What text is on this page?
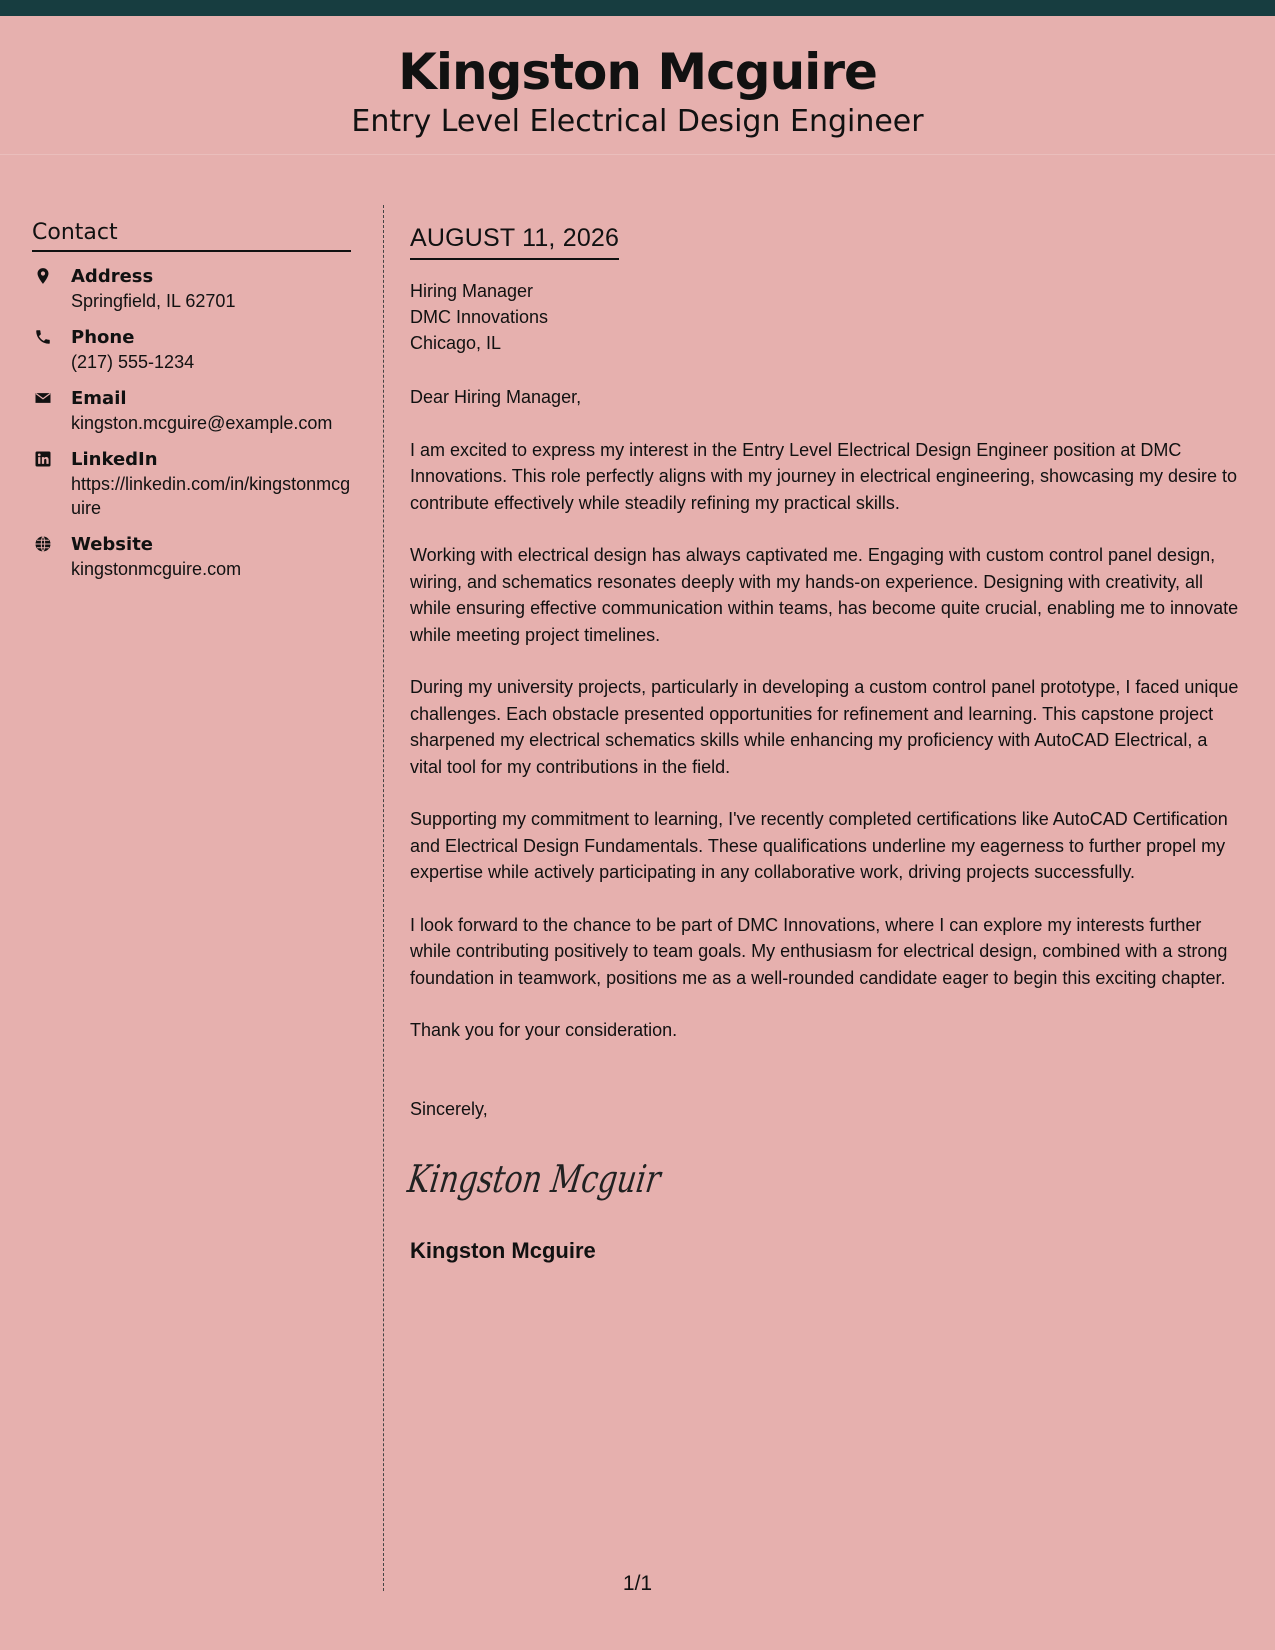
Kingston Mcguire
Entry Level Electrical Design Engineer
Contact
Address
Springfield, IL 62701
Phone
(217) 555-1234
Email
kingston.mcguire@example.com
LinkedIn
https://linkedin.com/in/kingstonmcguire
Website
kingstonmcguire.com
AUGUST 11, 2026
Hiring Manager
DMC Innovations
Chicago, IL

Dear Hiring Manager,

I am excited to express my interest in the Entry Level Electrical Design Engineer position at DMC Innovations. This role perfectly aligns with my journey in electrical engineering, showcasing my desire to contribute effectively while steadily refining my practical skills.

Working with electrical design has always captivated me. Engaging with custom control panel design, wiring, and schematics resonates deeply with my hands-on experience. Designing with creativity, all while ensuring effective communication within teams, has become quite crucial, enabling me to innovate while meeting project timelines.

During my university projects, particularly in developing a custom control panel prototype, I faced unique challenges. Each obstacle presented opportunities for refinement and learning. This capstone project sharpened my electrical schematics skills while enhancing my proficiency with AutoCAD Electrical, a vital tool for my contributions in the field.

Supporting my commitment to learning, I've recently completed certifications like AutoCAD Certification and Electrical Design Fundamentals. These qualifications underline my eagerness to further propel my expertise while actively participating in any collaborative work, driving projects successfully.

I look forward to the chance to be part of DMC Innovations, where I can explore my interests further while contributing positively to team goals. My enthusiasm for electrical design, combined with a strong foundation in teamwork, positions me as a well-rounded candidate eager to begin this exciting chapter.

Thank you for your consideration.

Sincerely,

Kingston Mcguir
Kingston Mcguire
1/1
